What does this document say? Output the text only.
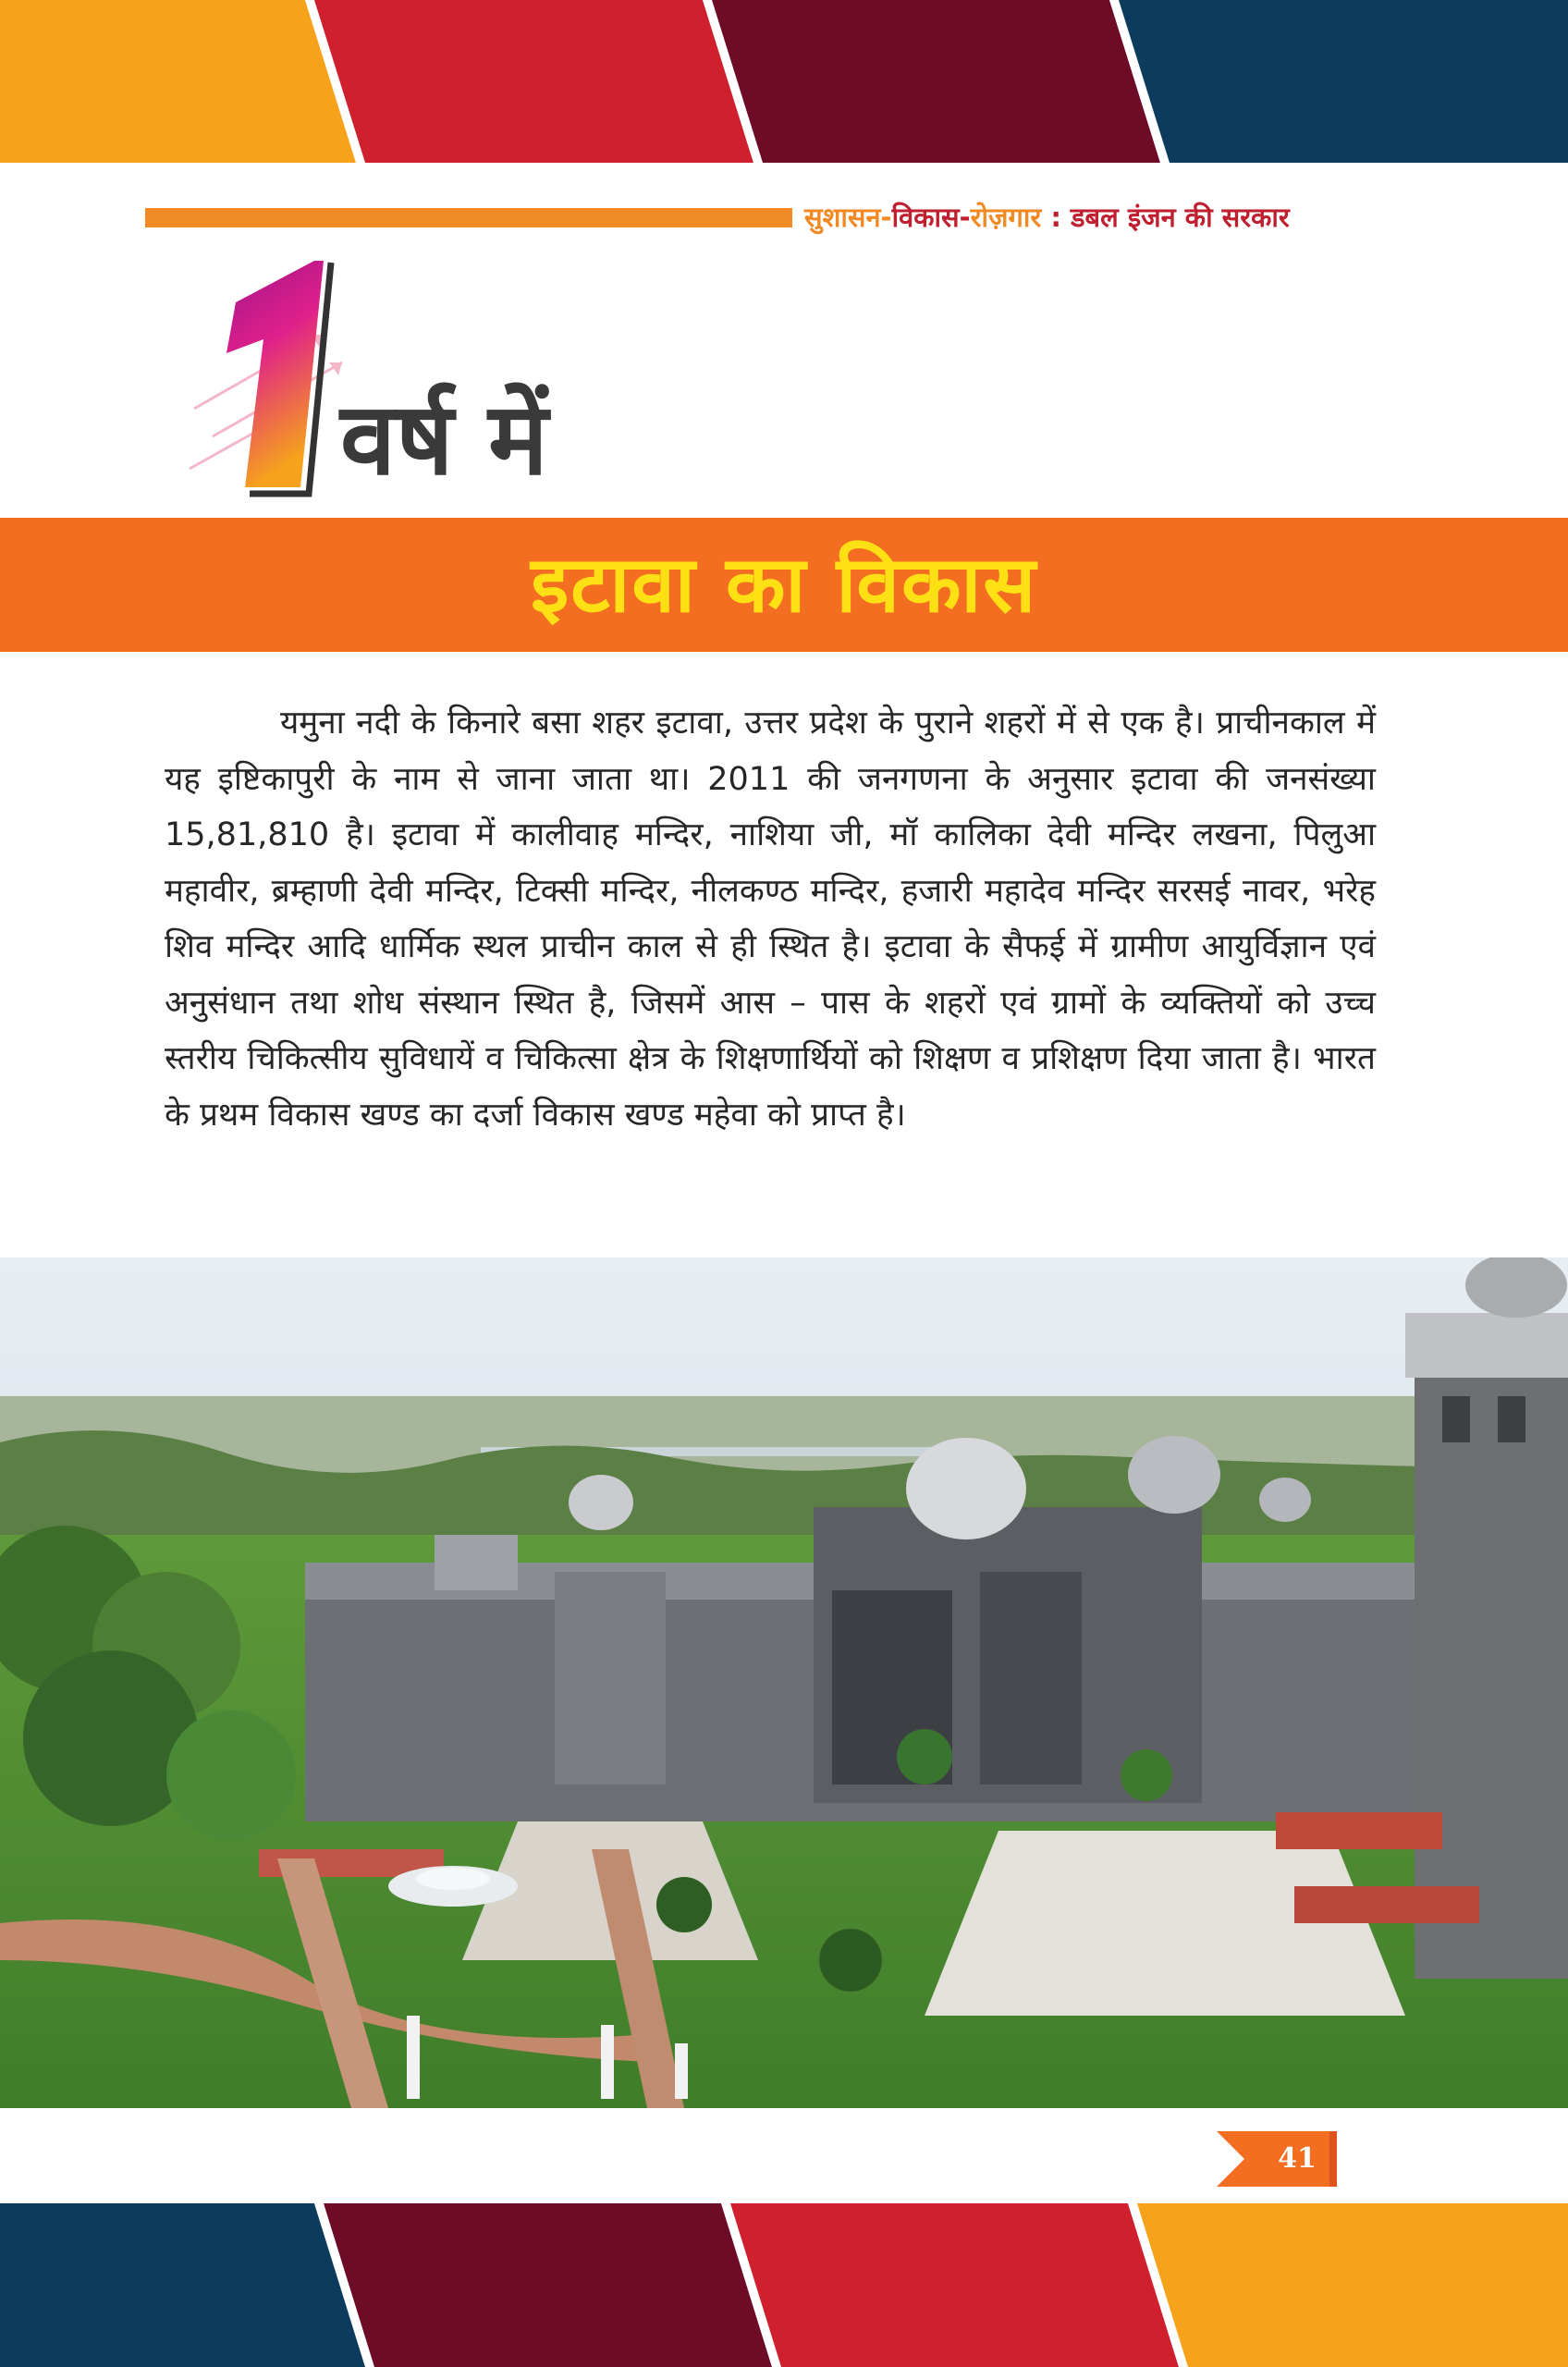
सुशासन-विकास-रोज़गार : डबल इंजन की सरकार
1
वर्ष में
इटावा का विकास

यमुना नदी के किनारे बसा शहर इटावा, उत्तर प्रदेश के पुराने शहरों में से एक है। प्राचीनकाल में यह इष्टिकापुरी के नाम से जाना जाता था। 2011 की जनगणना के अनुसार इटावा की जनसंख्या 15,81,810 है। इटावा में कालीवाह मन्दिर, नाशिया जी, मॉ कालिका देवी मन्दिर लखना, पिलुआ महावीर, ब्रम्हाणी देवी मन्दिर, टिक्सी मन्दिर, नीलकण्ठ मन्दिर, हजारी महादेव मन्दिर सरसई नावर, भरेह शिव मन्दिर आदि धार्मिक स्थल प्राचीन काल से ही स्थित है। इटावा के सैफई में ग्रामीण आयुर्विज्ञान एवं अनुसंधान तथा शोध संस्थान स्थित है, जिसमें आस – पास के शहरों एवं ग्रामों के व्यक्तियों को उच्च स्तरीय चिकित्सीय सुविधायें व चिकित्सा क्षेत्र के शिक्षणार्थियों को शिक्षण व प्रशिक्षण दिया जाता है। भारत के प्रथम विकास खण्ड का दर्जा विकास खण्ड महेवा को प्राप्त है।

41
